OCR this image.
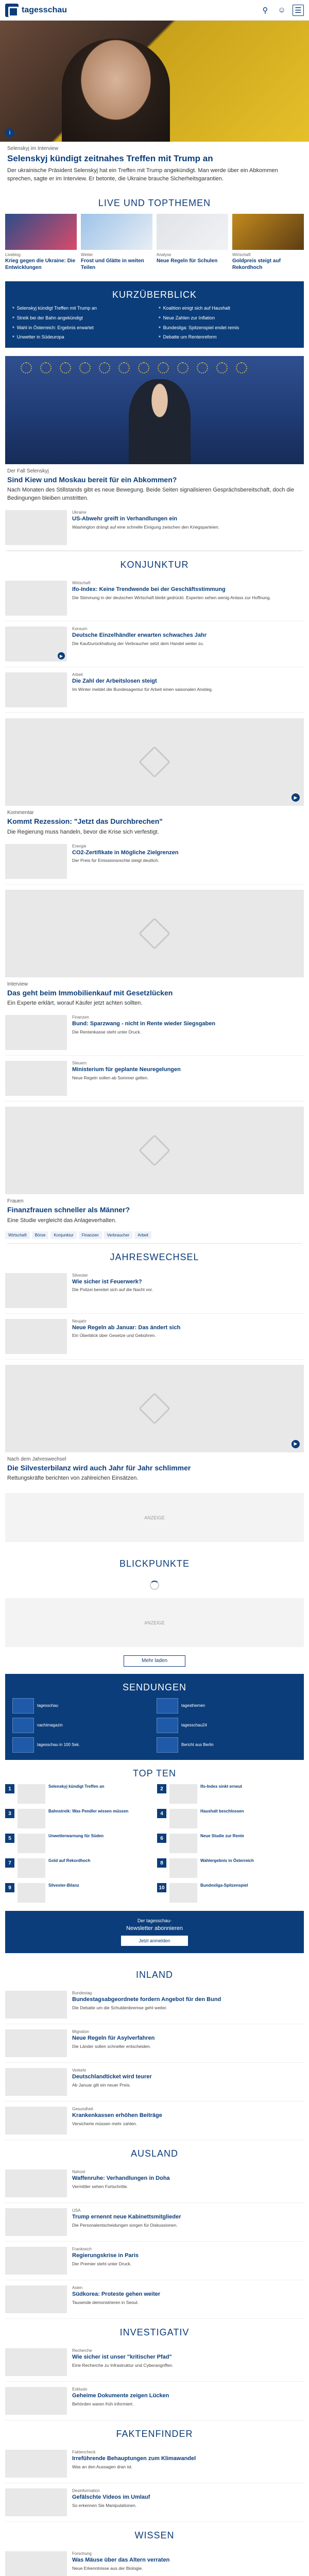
tagesschau	⚲	☺ ☰
i
Selenskyj im Interview
Selenskyj kündigt zeitnahes Treffen mit Trump an
Der ukrainische Präsident Selenskyj hat ein Treffen mit Trump angekündigt. Man werde über ein Abkommen sprechen, sagte er im Interview. Er betonte, die Ukraine brauche Sicherheitsgarantien.
LIVE UND TOPTHEMEN
Liveblog
Krieg gegen die Ukraine: Die Entwicklungen
Wetter
Frost und Glätte in weiten Teilen
Analyse
Neue Regeln für Schulen
Wirtschaft
Goldpreis steigt auf Rekordhoch
KURZÜBERBLICK
■ Selenskyj kündigt Treffen mit Trump an	■ Koalition einigt sich auf Haushalt
■ Streik bei der Bahn angekündigt	■ Neue Zahlen zur Inflation
■ Wahl in Österreich: Ergebnis erwartet	■ Bundesliga: Spitzenspiel endet remis
■ Unwetter in Südeuropa	■ Debatte um Rentenreform
Der Fall Selenskyj
Sind Kiew und Moskau bereit für ein Abkommen?
Nach Monaten des Stillstands gibt es neue Bewegung. Beide Seiten signalisieren Gesprächsbereitschaft, doch die Bedingungen bleiben umstritten.
Ukraine
US-Abwehr greift in Verhandlungen ein
Washington drängt auf eine schnelle Einigung zwischen den Kriegsparteien.
KONJUNKTUR
Wirtschaft
Ifo-Index: Keine Trendwende bei der Geschäftsstimmung
Die Stimmung in der deutschen Wirtschaft bleibt gedrückt. Experten sehen wenig Anlass zur Hoffnung.
▶
Konsum
Deutsche Einzelhändler erwarten schwaches Jahr
Die Kaufzurückhaltung der Verbraucher setzt dem Handel weiter zu.
Arbeit
Die Zahl der Arbeitslosen steigt
Im Winter meldet die Bundesagentur für Arbeit einen saisonalen Anstieg.
▶
Kommentar
Kommt Rezession: "Jetzt das Durchbrechen"
Die Regierung muss handeln, bevor die Krise sich verfestigt.
Energie
CO2-Zertifikate in Mögliche Zielgrenzen
Der Preis für Emissionsrechte steigt deutlich.
Interview
Das geht beim Immobilienkauf mit Gesetzlücken
Ein Experte erklärt, worauf Käufer jetzt achten sollten.
Finanzen
Bund: Sparzwang - nicht in Rente wieder Siegsgaben
Die Rentenkasse steht unter Druck.
Steuern
Ministerium für geplante Neuregelungen
Neue Regeln sollen ab Sommer gelten.
Frauen
Finanzfrauen schneller als Männer?
Eine Studie vergleicht das Anlageverhalten.
Wirtschaft	Börse	Konjunktur	Finanzen	Verbraucher	Arbeit
JAHRESWECHSEL
Silvester
Wie sicher ist Feuerwerk?
Die Polizei bereitet sich auf die Nacht vor.
Neujahr
Neue Regeln ab Januar: Das ändert sich
Ein Überblick über Gesetze und Gebühren.
▶
Nach dem Jahreswechsel
Die Silvesterbilanz wird auch Jahr für Jahr schlimmer
Rettungskräfte berichten von zahlreichen Einsätzen.
ANZEIGE
BLICKPUNKTE
ANZEIGE
Mehr laden
SENDUNGEN
tagesschau	tagesthemen
nachtmagazin	tagesschau24
tagesschau in 100 Sek.	Bericht aus Berlin
TOP TEN
1	Selenskyj kündigt Treffen an	2	Ifo-Index sinkt erneut
3	Bahnstreik: Was Pendler wissen müssen	4	Haushalt beschlossen
5	Unwetterwarnung für Süden	6	Neue Studie zur Rente
7	Gold auf Rekordhoch	8	Wahlergebnis in Österreich
9	Silvester-Bilanz	10	Bundesliga-Spitzenspiel
Der tagesschau-
Newsletter abonnieren
Jetzt anmelden
INLAND
Bundestag
Bundestagsabgeordnete fordern Angebot für den Bund
Die Debatte um die Schuldenbremse geht weiter.
Migration
Neue Regeln für Asylverfahren
Die Länder sollen schneller entscheiden.
Verkehr
Deutschlandticket wird teurer
Ab Januar gilt ein neuer Preis.
Gesundheit
Krankenkassen erhöhen Beiträge
Versicherte müssen mehr zahlen.
AUSLAND
Nahost
Waffenruhe: Verhandlungen in Doha
Vermittler sehen Fortschritte.
USA
Trump ernennt neue Kabinettsmitglieder
Die Personalentscheidungen sorgen für Diskussionen.
Frankreich
Regierungskrise in Paris
Der Premier steht unter Druck.
Asien
Südkorea: Proteste gehen weiter
Tausende demonstrieren in Seoul.
INVESTIGATIV
Recherche
Wie sicher ist unser "kritischer Pfad"
Eine Recherche zu Infrastruktur und Cyberangriffen.
Exklusiv
Geheime Dokumente zeigen Lücken
Behörden waren früh informiert.
FAKTENFINDER
Faktencheck
Irreführende Behauptungen zum Klimawandel
Was an den Aussagen dran ist.
Desinformation
Gefälschte Videos im Umlauf
So erkennen Sie Manipulationen.
WISSEN
Forschung
Was Mäuse über das Altern verraten
Neue Erkenntnisse aus der Biologie.
